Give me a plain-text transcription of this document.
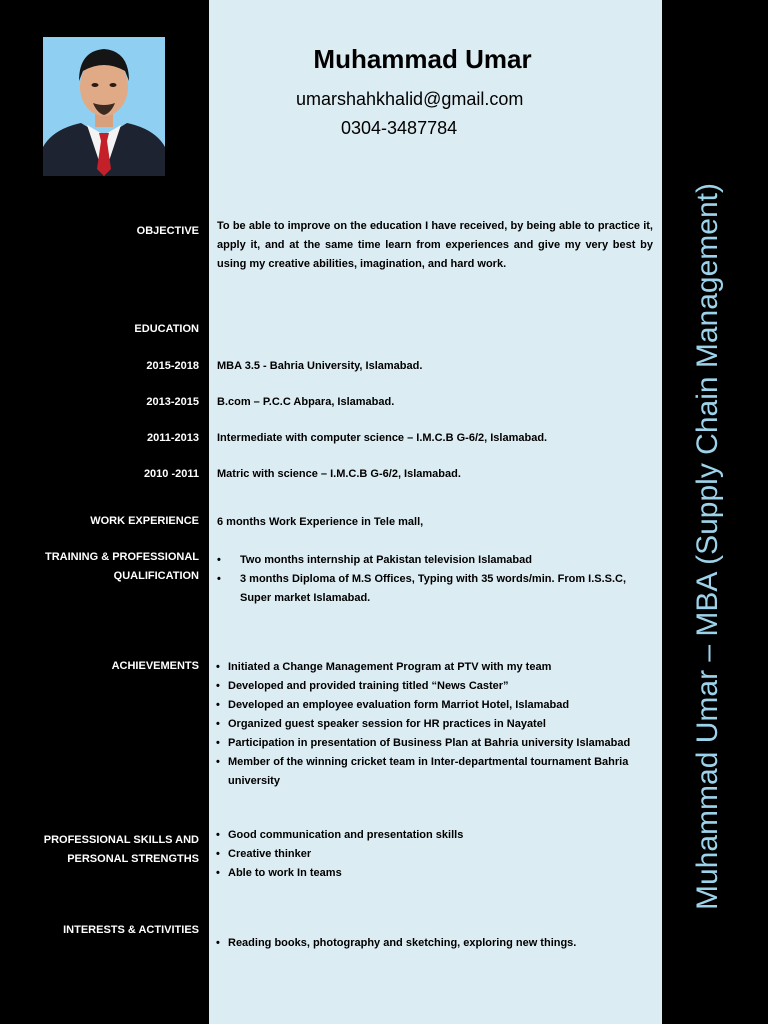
Muhammad Umar
umarshahkhalid@gmail.com
0304-3487784
OBJECTIVE To be able to improve on the education I have received, by being able to practice it, apply it, and at the same time learn from experiences and give my very best by using my creative abilities, imagination, and hard work.
EDUCATION
2015-2018 MBA 3.5 - Bahria University, Islamabad.
2013-2015 B.com – P.C.C Abpara, Islamabad.
2011-2013 Intermediate with computer science – I.M.C.B G-6/2, Islamabad.
2010 -2011 Matric with science – I.M.C.B G-6/2, Islamabad.
WORK EXPERIENCE 6 months Work Experience in Tele mall,
TRAINING & PROFESSIONAL
QUALIFICATION
• Two months internship at Pakistan television Islamabad
• 3 months Diploma of M.S Offices, Typing with 35 words/min. From I.S.S.C, Super market Islamabad.
ACHIEVEMENTS
•	Initiated a Change Management Program at PTV with my team
• Developed and provided training titled “News Caster”
• Developed an employee evaluation form Marriot Hotel, Islamabad
• Organized guest speaker session for HR practices in Nayatel
• Participation in presentation of Business Plan at Bahria university Islamabad
• Member of the winning cricket team in Inter-departmental tournament Bahria university
PROFESSIONAL SKILLS AND
PERSONAL STRENGTHS
• Good communication and presentation skills
• Creative thinker
• Able to work In teams
INTERESTS & ACTIVITIES
• Reading books, photography and sketching, exploring new things.
Muhammad Umar – MBA (Supply Chain Management)
